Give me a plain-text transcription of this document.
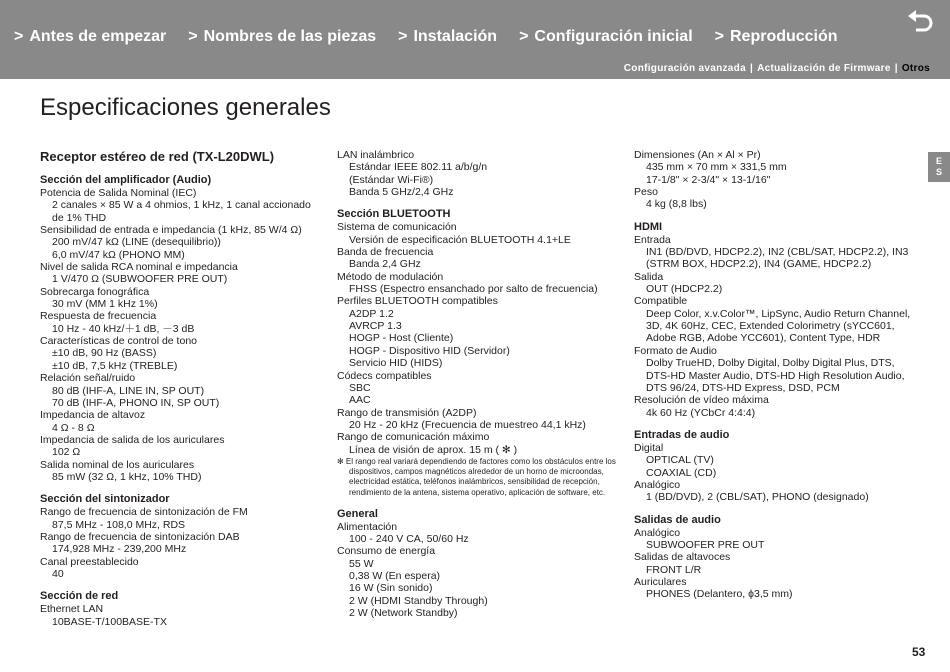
> Antes de empezar > Nombres de las piezas > Instalación > Configuración inicial > Reproducción
Configuración avanzada | Actualización de Firmware | Otros
Especificaciones generales
E
S
Receptor estéreo de red (TX-L20DWL)
Sección del amplificador (Audio)
Potencia de Salida Nominal (IEC)
2 canales × 85 W a 4 ohmios, 1 kHz, 1 canal accionado
de 1% THD
Sensibilidad de entrada e impedancia (1 kHz, 85 W/4 Ω)
200 mV/47 kΩ (LINE (desequilibrio))
6,0 mV/47 kΩ (PHONO MM)
Nivel de salida RCA nominal e impedancia
1 V/470 Ω (SUBWOOFER PRE OUT)
Sobrecarga fonográfica
30 mV (MM 1 kHz 1%)
Respuesta de frecuencia
10 Hz - 40 kHz/＋1 dB, －3 dB
Características de control de tono
±10 dB, 90 Hz (BASS)
±10 dB, 7,5 kHz (TREBLE)
Relación señal/ruido
80 dB (IHF-A, LINE IN, SP OUT)
70 dB (IHF-A, PHONO IN, SP OUT)
Impedancia de altavoz
4 Ω - 8 Ω
Impedancia de salida de los auriculares
102 Ω
Salida nominal de los auriculares
85 mW (32 Ω, 1 kHz, 10% THD)
Sección del sintonizador
Rango de frecuencia de sintonización de FM
87,5 MHz - 108,0 MHz, RDS
Rango de frecuencia de sintonización DAB
174,928 MHz - 239,200 MHz
Canal preestablecido
40
Sección de red
Ethernet LAN
10BASE-T/100BASE-TX
LAN inalámbrico
Estándar IEEE 802.11 a/b/g/n
(Estándar Wi-Fi®)
Banda 5 GHz/2,4 GHz
Sección BLUETOOTH
Sistema de comunicación
Versión de especificación BLUETOOTH 4.1+LE
Banda de frecuencia
Banda 2,4 GHz
Método de modulación
FHSS (Espectro ensanchado por salto de frecuencia)
Perfiles BLUETOOTH compatibles
A2DP 1.2
AVRCP 1.3
HOGP - Host (Cliente)
HOGP - Dispositivo HID (Servidor)
Servicio HID (HIDS)
Códecs compatibles
SBC
AAC
Rango de transmisión (A2DP)
20 Hz - 20 kHz (Frecuencia de muestreo 44,1 kHz)
Rango de comunicación máximo
Línea de visión de aprox. 15 m ( ✻ )
✻ El rango real variará dependiendo de factores como los obstáculos entre los dispositivos, campos magnéticos alrededor de un horno de microondas, electricidad estática, teléfonos inalámbricos, sensibilidad de recepción, rendimiento de la antena, sistema operativo, aplicación de software, etc.
General
Alimentación
100 - 240 V CA, 50/60 Hz
Consumo de energía
55 W
0,38 W (En espera)
16 W (Sin sonido)
2 W (HDMI Standby Through)
2 W (Network Standby)
Dimensiones (An × Al × Pr)
435 mm × 70 mm × 331,5 mm
17-1/8" × 2-3/4" × 13-1/16"
Peso
4 kg (8,8 lbs)
HDMI
Entrada
IN1 (BD/DVD, HDCP2.2), IN2 (CBL/SAT, HDCP2.2), IN3
(STRM BOX, HDCP2.2), IN4 (GAME, HDCP2.2)
Salida
OUT (HDCP2.2)
Compatible
Deep Color, x.v.Color™, LipSync, Audio Return Channel,
3D, 4K 60Hz, CEC, Extended Colorimetry (sYCC601,
Adobe RGB, Adobe YCC601), Content Type, HDR
Formato de Audio
Dolby TrueHD, Dolby Digital, Dolby Digital Plus, DTS,
DTS-HD Master Audio, DTS-HD High Resolution Audio,
DTS 96/24, DTS-HD Express, DSD, PCM
Resolución de vídeo máxima
4k 60 Hz (YCbCr 4:4:4)
Entradas de audio
Digital
OPTICAL (TV)
COAXIAL (CD)
Analógico
1 (BD/DVD), 2 (CBL/SAT), PHONO (designado)
Salidas de audio
Analógico
SUBWOOFER PRE OUT
Salidas de altavoces
FRONT L/R
Auriculares
PHONES (Delantero, ϕ3,5 mm)
53
